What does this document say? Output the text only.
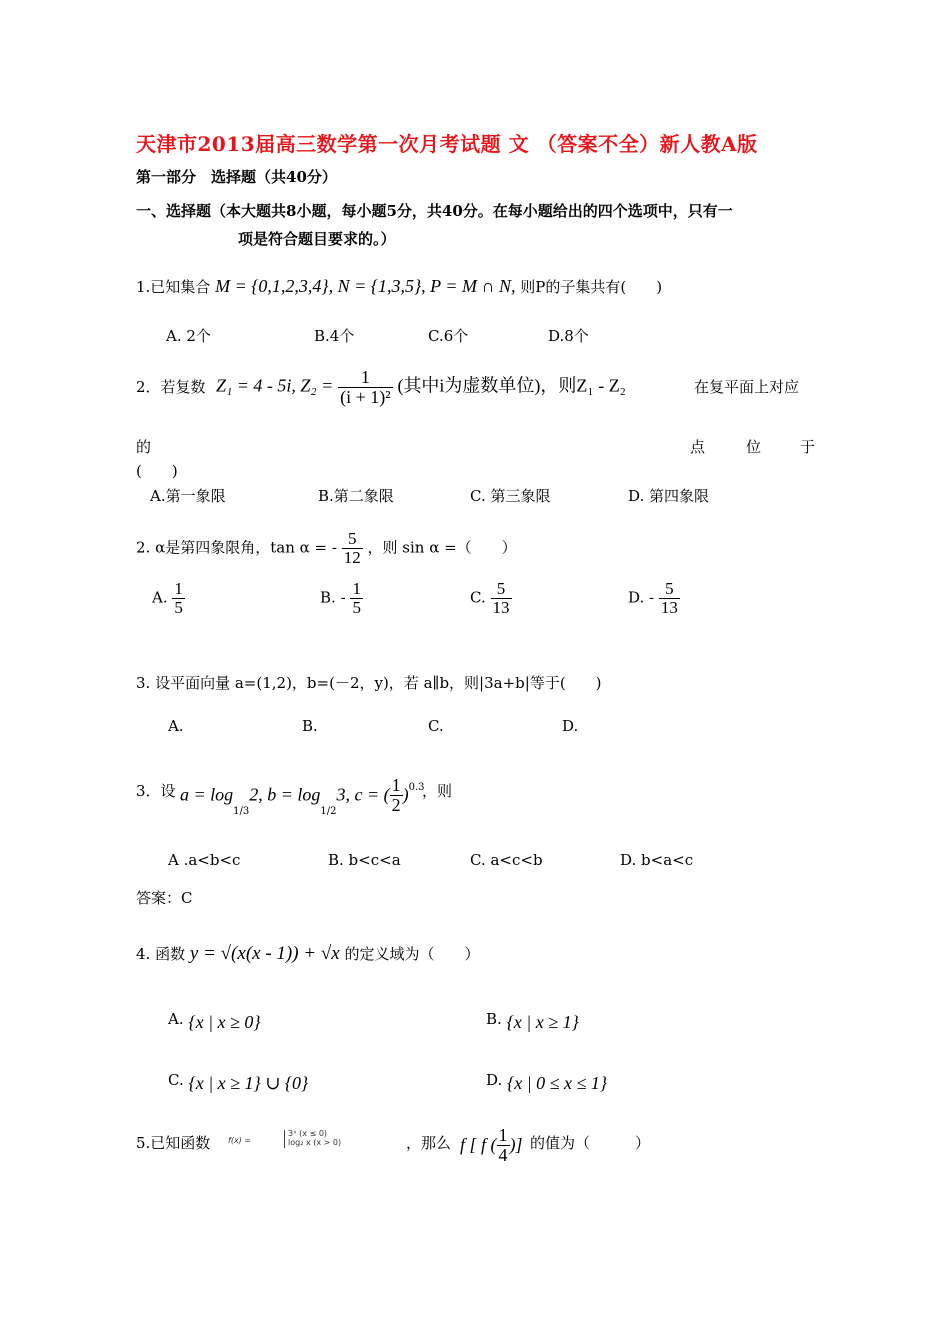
天津市2013届高三数学第一次月考试题 文 （答案不全）新人教A版
第一部分　选择题（共40分）
一、选择题（本大题共8小题，每小题5分，共40分。在每小题给出的四个选项中，只有一
项是符合题目要求的。）
1.已知集合 M = {0,1,2,3,4}, N = {1,3,5}, P = M ∩ N, 则P的子集共有(　　)
A. 2个	B.4个	C.6个	D.8个
2．若复数 Z₁ = 4 - 5i, $Z_2 = \frac{1}{\text{(i + 1)²}}$ (其中i为虚数单位)，则Z₁ - Z₂	在复平面上对应
的	点	位	于
(　　)
A.第一象限	B.第二象限	C. 第三象限	D. 第四象限
2. α是第四象限角，tan α = - $\frac{5}{12}$ ，则 sin α =（　　）
A. $\frac{1}{5}$	B. - $\frac{1}{5}$	C. $\frac{5}{13}$	D. - $\frac{5}{13}$
3. 设平面向量 a=(1,2)，b=(－2，y)，若 a∥b，则|3a+b|等于(　　)
A.	B.	C.	D.
3．设 $a = \log_{1/3}2$, $b = \log_{1/2}3$, c = ( $\frac{1}{2} )^{0.3}$
，则
A .a<b<c	B. b<c<a	C. a<c<b	D. b<a<c
答案：C
4. 函数 y = √(x(x - 1)) + √x 的定义域为（　　）
A. {x | x ≥ 0}	B. {x | x ≥ 1}
C. {x | x ≥ 1} ∪ {0}	D. {x | 0 ≤ x ≤ 1}
5.已知函数 f(x) =
3ˣ (x ≤ 0)
log₂ x (x > 0)	，那么 f [ f ( $\frac{1}{4}$ )] 的值为（　　　）
